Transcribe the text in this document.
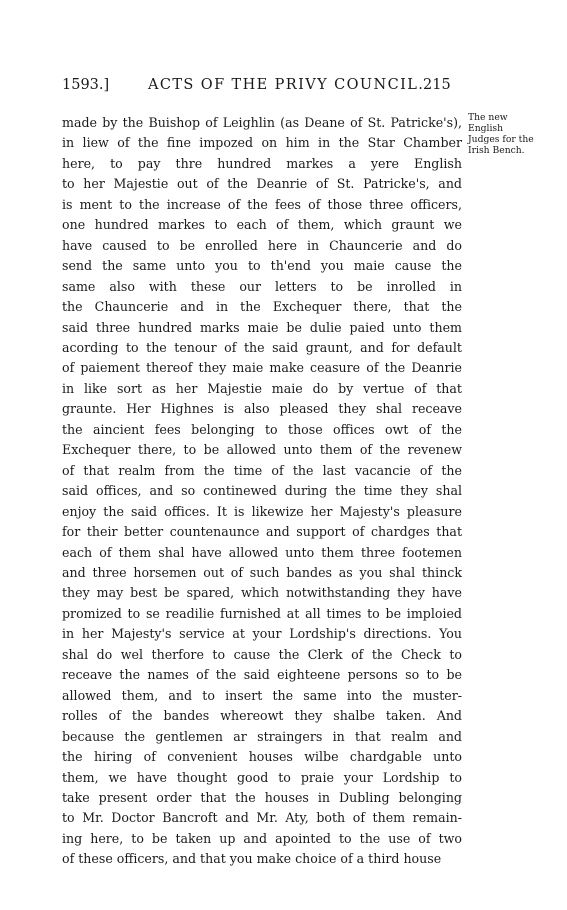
1593.]	ACTS OF THE PRIVY COUNCIL.
215
The new
English
Judges for the
Irish Bench.
made by the Buishop of Leighlin (as Deane of St. Patricke's),
in liew of the fine impozed on him in the Star Chamber
here, to pay thre hundred markes a yere English
to her Majestie out of the Deanrie of St. Patricke's, and
is ment to the increase of the fees of those three officers,
one hundred markes to each of them, which graunt we
have caused to be enrolled here in Chauncerie and do
send the same unto you to th'end you maie cause the
same also with these our letters to be inrolled in
the Chauncerie and in the Exchequer there, that the
said three hundred marks maie be dulie paied unto them
acording to the tenour of the said graunt, and for default
of paiement thereof they maie make ceasure of the Deanrie
in like sort as her Majestie maie do by vertue of that
graunte. Her Highnes is also pleased they shal receave
the aincient fees belonging to those offices owt of the
Exchequer there, to be allowed unto them of the revenew
of that realm from the time of the last vacancie of the
said offices, and so continewed during the time they shal
enjoy the said offices. It is likewize her Majesty's pleasure
for their better countenaunce and support of chardges that
each of them shal have allowed unto them three footemen
and three horsemen out of such bandes as you shal thinck
they may best be spared, which notwithstanding they have
promized to se readilie furnished at all times to be imploied
in her Majesty's service at your Lordship's directions. You
shal do wel therfore to cause the Clerk of the Check to
receave the names of the said eighteene persons so to be
allowed them, and to insert the same into the muster-
rolles of the bandes whereowt they shalbe taken. And
because the gentlemen ar straingers in that realm and
the hiring of convenient houses wilbe chardgable unto
them, we have thought good to praie your Lordship to
take present order that the houses in Dubling belonging
to Mr. Doctor Bancroft and Mr. Aty, both of them remain-
ing here, to be taken up and apointed to the use of two
of these officers, and that you make choice of a third house
